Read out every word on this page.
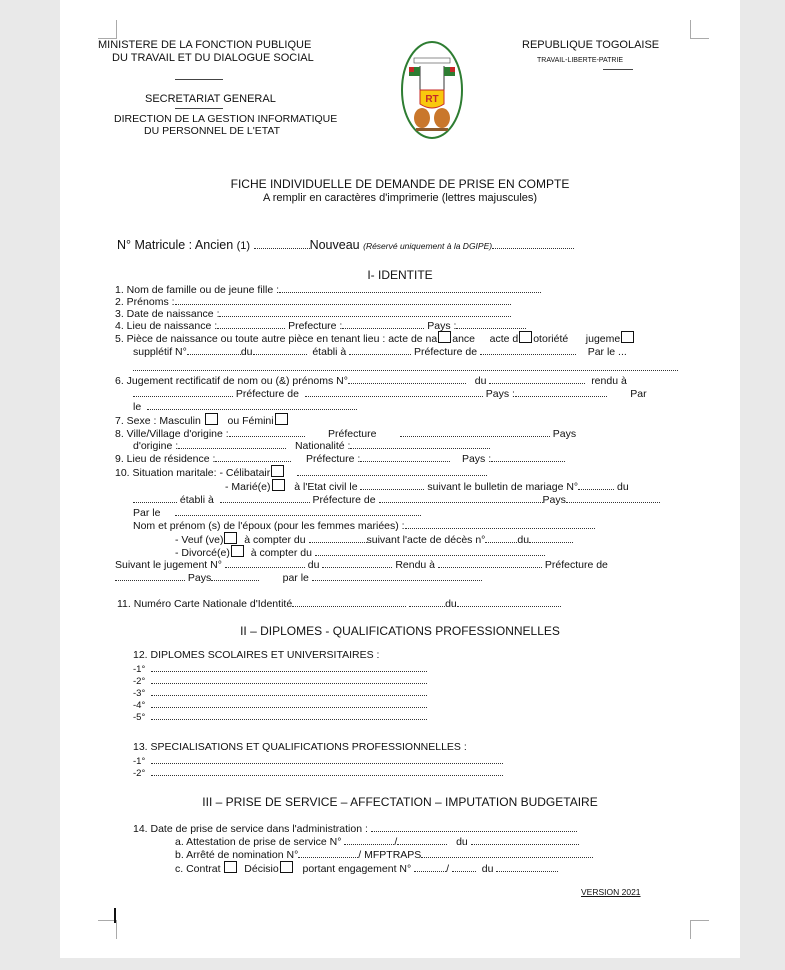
MINISTERE DE LA FONCTION PUBLIQUE
DU TRAVAIL ET DU DIALOGUE SOCIAL
SECRETARIAT GENERAL
DIRECTION DE LA GESTION INFORMATIQUE
DU PERSONNEL DE L'ETAT
RT
REPUBLIQUE TOGOLAISE
TRAVAIL-LIBERTE-PATRIE
FICHE INDIVIDUELLE DE DEMANDE DE PRISE EN COMPTE
A remplir en caractères d'imprimerie (lettres majuscules)
N° Matricule : Ancien (1)	Nouveau (Réservé uniquement à la DGIPE)
I- IDENTITE
1. Nom de famille ou de jeune fille :
2. Prénoms :
3. Date de naissance :
4. Lieu de naissance :	Prefecture :	Pays :
5. Pièce de naissance ou toute autre pièce en tenant lieu : acte de na ance acte d otoriété jugeme
supplétif N°	du	établi à	Préfecture de	Par le ...
6. Jugement rectificatif de nom ou (&) prénoms N°	du	rendu à
Préfecture de	Pays :	Par
le
7. Sexe : Masculin	ou Fémini
8. Ville/Village d'origine :	Préfecture	Pays
d'origine :	Nationalité :
9. Lieu de résidence :	Préfecture :	Pays :
10. Situation maritale: - Célibatair
- Marié(e) à l'Etat civil le	suivant le bulletin de mariage N°	du
établi à	Préfecture de	Pays
Par le
Nom et prénom (s) de l'époux (pour les femmes mariées) :
- Veuf (ve) à compter du	suivant l'acte de décès n°	du
- Divorcé(e) à compter du
Suivant le jugement N°	du	Rendu à	Préfecture de
Pays	par le
11. Numéro Carte Nationale d'Identité	du
II – DIPLOMES - QUALIFICATIONS PROFESSIONNELLES
12. DIPLOMES SCOLAIRES ET UNIVERSITAIRES :
-1°
-2°
-3°
-4°
-5°
13. SPECIALISATIONS ET QUALIFICATIONS PROFESSIONNELLES :
-1°
-2°
III – PRISE DE SERVICE – AFFECTATION – IMPUTATION BUDGETAIRE
14. Date de prise de service dans l'administration :
a. Attestation de prise de service N°	/	du
b. Arrêté de nomination N°	/ MFPTRAPS
c. Contrat Décisio portant engagement N°	/	du
VERSION 2021
